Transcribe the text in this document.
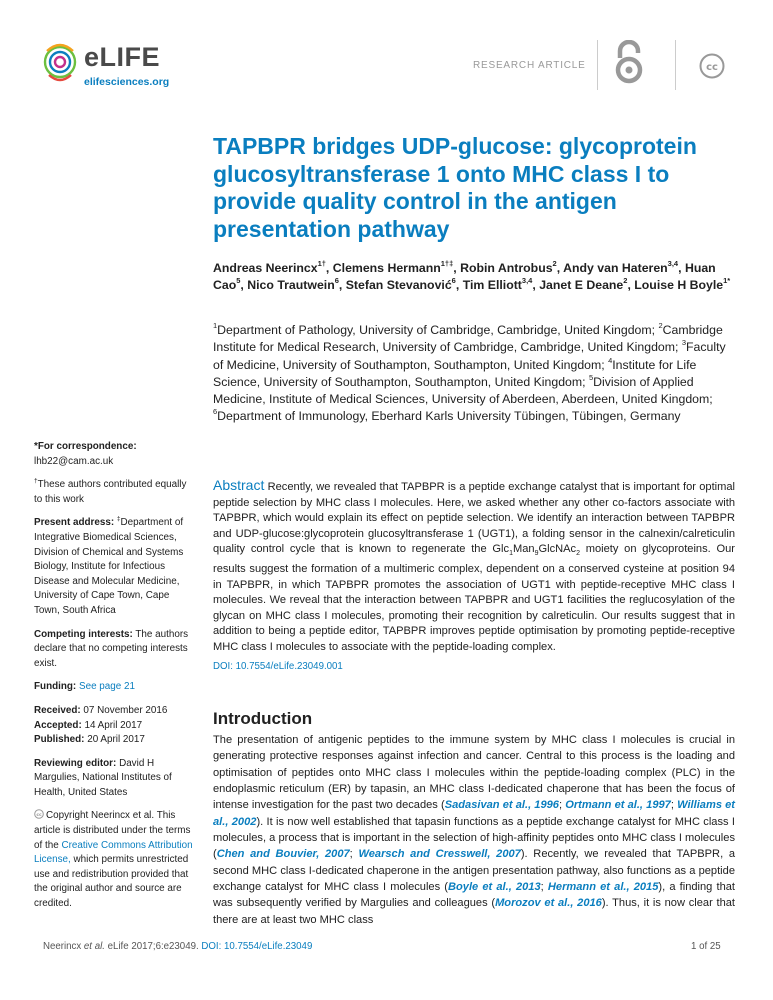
eLIFE
elifesciences.org
RESEARCH ARTICLE	cc
TAPBPR bridges UDP-glucose: glycoprotein glucosyltransferase 1 onto MHC class I to provide quality control in the antigen presentation pathway
Andreas Neerincx$^{1\dagger}$, Clemens Hermann$^{1\dagger\ddagger}$, Robin Antrobus$^2$, Andy van Hateren$^{3,4}$, Huan Cao$^5$, Nico Trautwein$^6$, Stefan Stevanović$^6$, Tim Elliott$^{3,4}$, Janet E Deane$^2$, Louise H Boyle$^{1*}$
$^1$Department of Pathology, University of Cambridge, Cambridge, United Kingdom; $^2$Cambridge Institute for Medical Research, University of Cambridge, Cambridge, United Kingdom; $^3$Faculty of Medicine, University of Southampton, Southampton, United Kingdom; $^4$Institute for Life Science, University of Southampton, Southampton, United Kingdom; $^5$Division of Applied Medicine, Institute of Medical Sciences, University of Aberdeen, Aberdeen, United Kingdom; $^6$Department of Immunology, Eberhard Karls University Tübingen, Tübingen, Germany

*For correspondence: lhb22@cam.ac.uk

†These authors contributed equally to this work

Present address: ‡Department of Integrative Biomedical Sciences, Division of Chemical and Systems Biology, Institute for Infectious Disease and Molecular Medicine, University of Cape Town, Cape Town, South Africa

Competing interests: The authors declare that no competing interests exist.

Funding: See page 21

Received: 07 November 2016
Accepted: 14 April 2017
Published: 20 April 2017

Reviewing editor: David H Margulies, National Institutes of Health, United States

cc Copyright Neerincx et al. This article is distributed under the terms of the Creative Commons Attribution License, which permits unrestricted use and redistribution provided that the original author and source are credited.

Abstract Recently, we revealed that TAPBPR is a peptide exchange catalyst that is important for optimal peptide selection by MHC class I molecules. Here, we asked whether any other co-factors associate with TAPBPR, which would explain its effect on peptide selection. We identify an interaction between TAPBPR and UDP-glucose:glycoprotein glucosyltransferase 1 (UGT1), a folding sensor in the calnexin/calreticulin quality control cycle that is known to regenerate the Glc$_1$Man$_9$GlcNAc$_2$ moiety on glycoproteins. Our results suggest the formation of a multimeric complex, dependent on a conserved cysteine at position 94 in TAPBPR, in which TAPBPR promotes the association of UGT1 with peptide-receptive MHC class I molecules. We reveal that the interaction between TAPBPR and UGT1 facilities the reglucosylation of the glycan on MHC class I molecules, promoting their recognition by calreticulin. Our results suggest that in addition to being a peptide editor, TAPBPR improves peptide optimisation by promoting peptide-receptive MHC class I molecules to associate with the peptide-loading complex.
DOI: 10.7554/eLife.23049.001
Introduction
The presentation of antigenic peptides to the immune system by MHC class I molecules is crucial in generating protective responses against infection and cancer. Central to this process is the loading and optimisation of peptides onto MHC class I molecules within the peptide-loading complex (PLC) in the endoplasmic reticulum (ER) by tapasin, an MHC class I-dedicated chaperone that has been the focus of intense investigation for the past two decades (Sadasivan et al., 1996; Ortmann et al., 1997; Williams et al., 2002). It is now well established that tapasin functions as a peptide exchange catalyst for MHC class I molecules, a process that is important in the selection of high-affinity peptides onto MHC class I molecules (Chen and Bouvier, 2007; Wearsch and Cresswell, 2007). Recently, we revealed that TAPBPR, a second MHC class I-dedicated chaperone in the antigen presentation pathway, also functions as a peptide exchange catalyst for MHC class I molecules (Boyle et al., 2013; Hermann et al., 2015), a finding that was subsequently verified by Margulies and colleagues (Morozov et al., 2016). Thus, it is now clear that there are at least two MHC class
Neerincx et al. eLife 2017;6:e23049. DOI: 10.7554/eLife.23049	1 of 25
